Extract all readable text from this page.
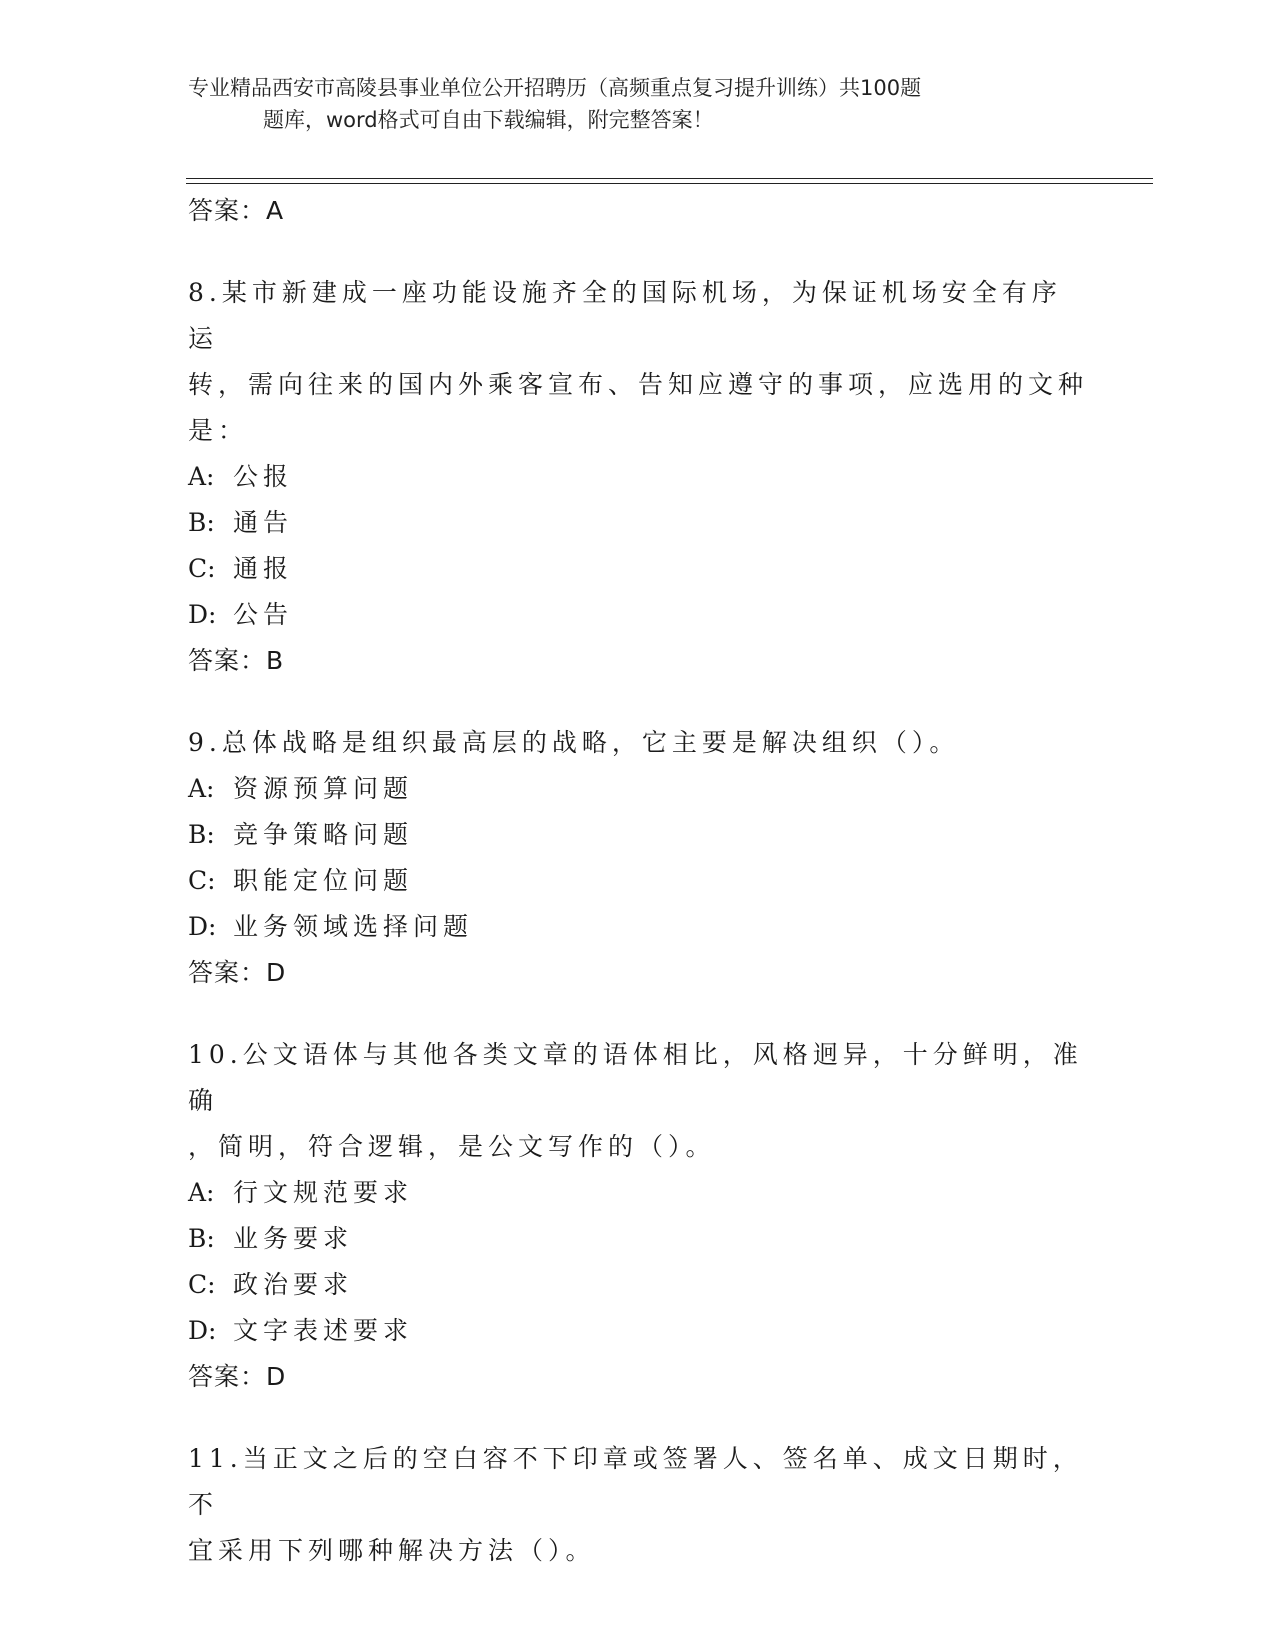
专业精品西安市高陵县事业单位公开招聘历（高频重点复习提升训练）共100题
题库，word格式可自由下载编辑，附完整答案！
答案：A
8.某市新建成一座功能设施齐全的国际机场，为保证机场安全有序运
转，需向往来的国内外乘客宣布、告知应遵守的事项，应选用的文种
是：
A: 公报
B: 通告
C: 通报
D: 公告
答案：B
9.总体战略是组织最高层的战略，它主要是解决组织（）。
A: 资源预算问题
B: 竞争策略问题
C: 职能定位问题
D: 业务领域选择问题
答案：D
10.公文语体与其他各类文章的语体相比，风格迥异，十分鲜明，准确
，简明，符合逻辑，是公文写作的（）。
A: 行文规范要求
B: 业务要求
C: 政治要求
D: 文字表述要求
答案：D
11.当正文之后的空白容不下印章或签署人、签名单、成文日期时，不
宜采用下列哪种解决方法（）。
